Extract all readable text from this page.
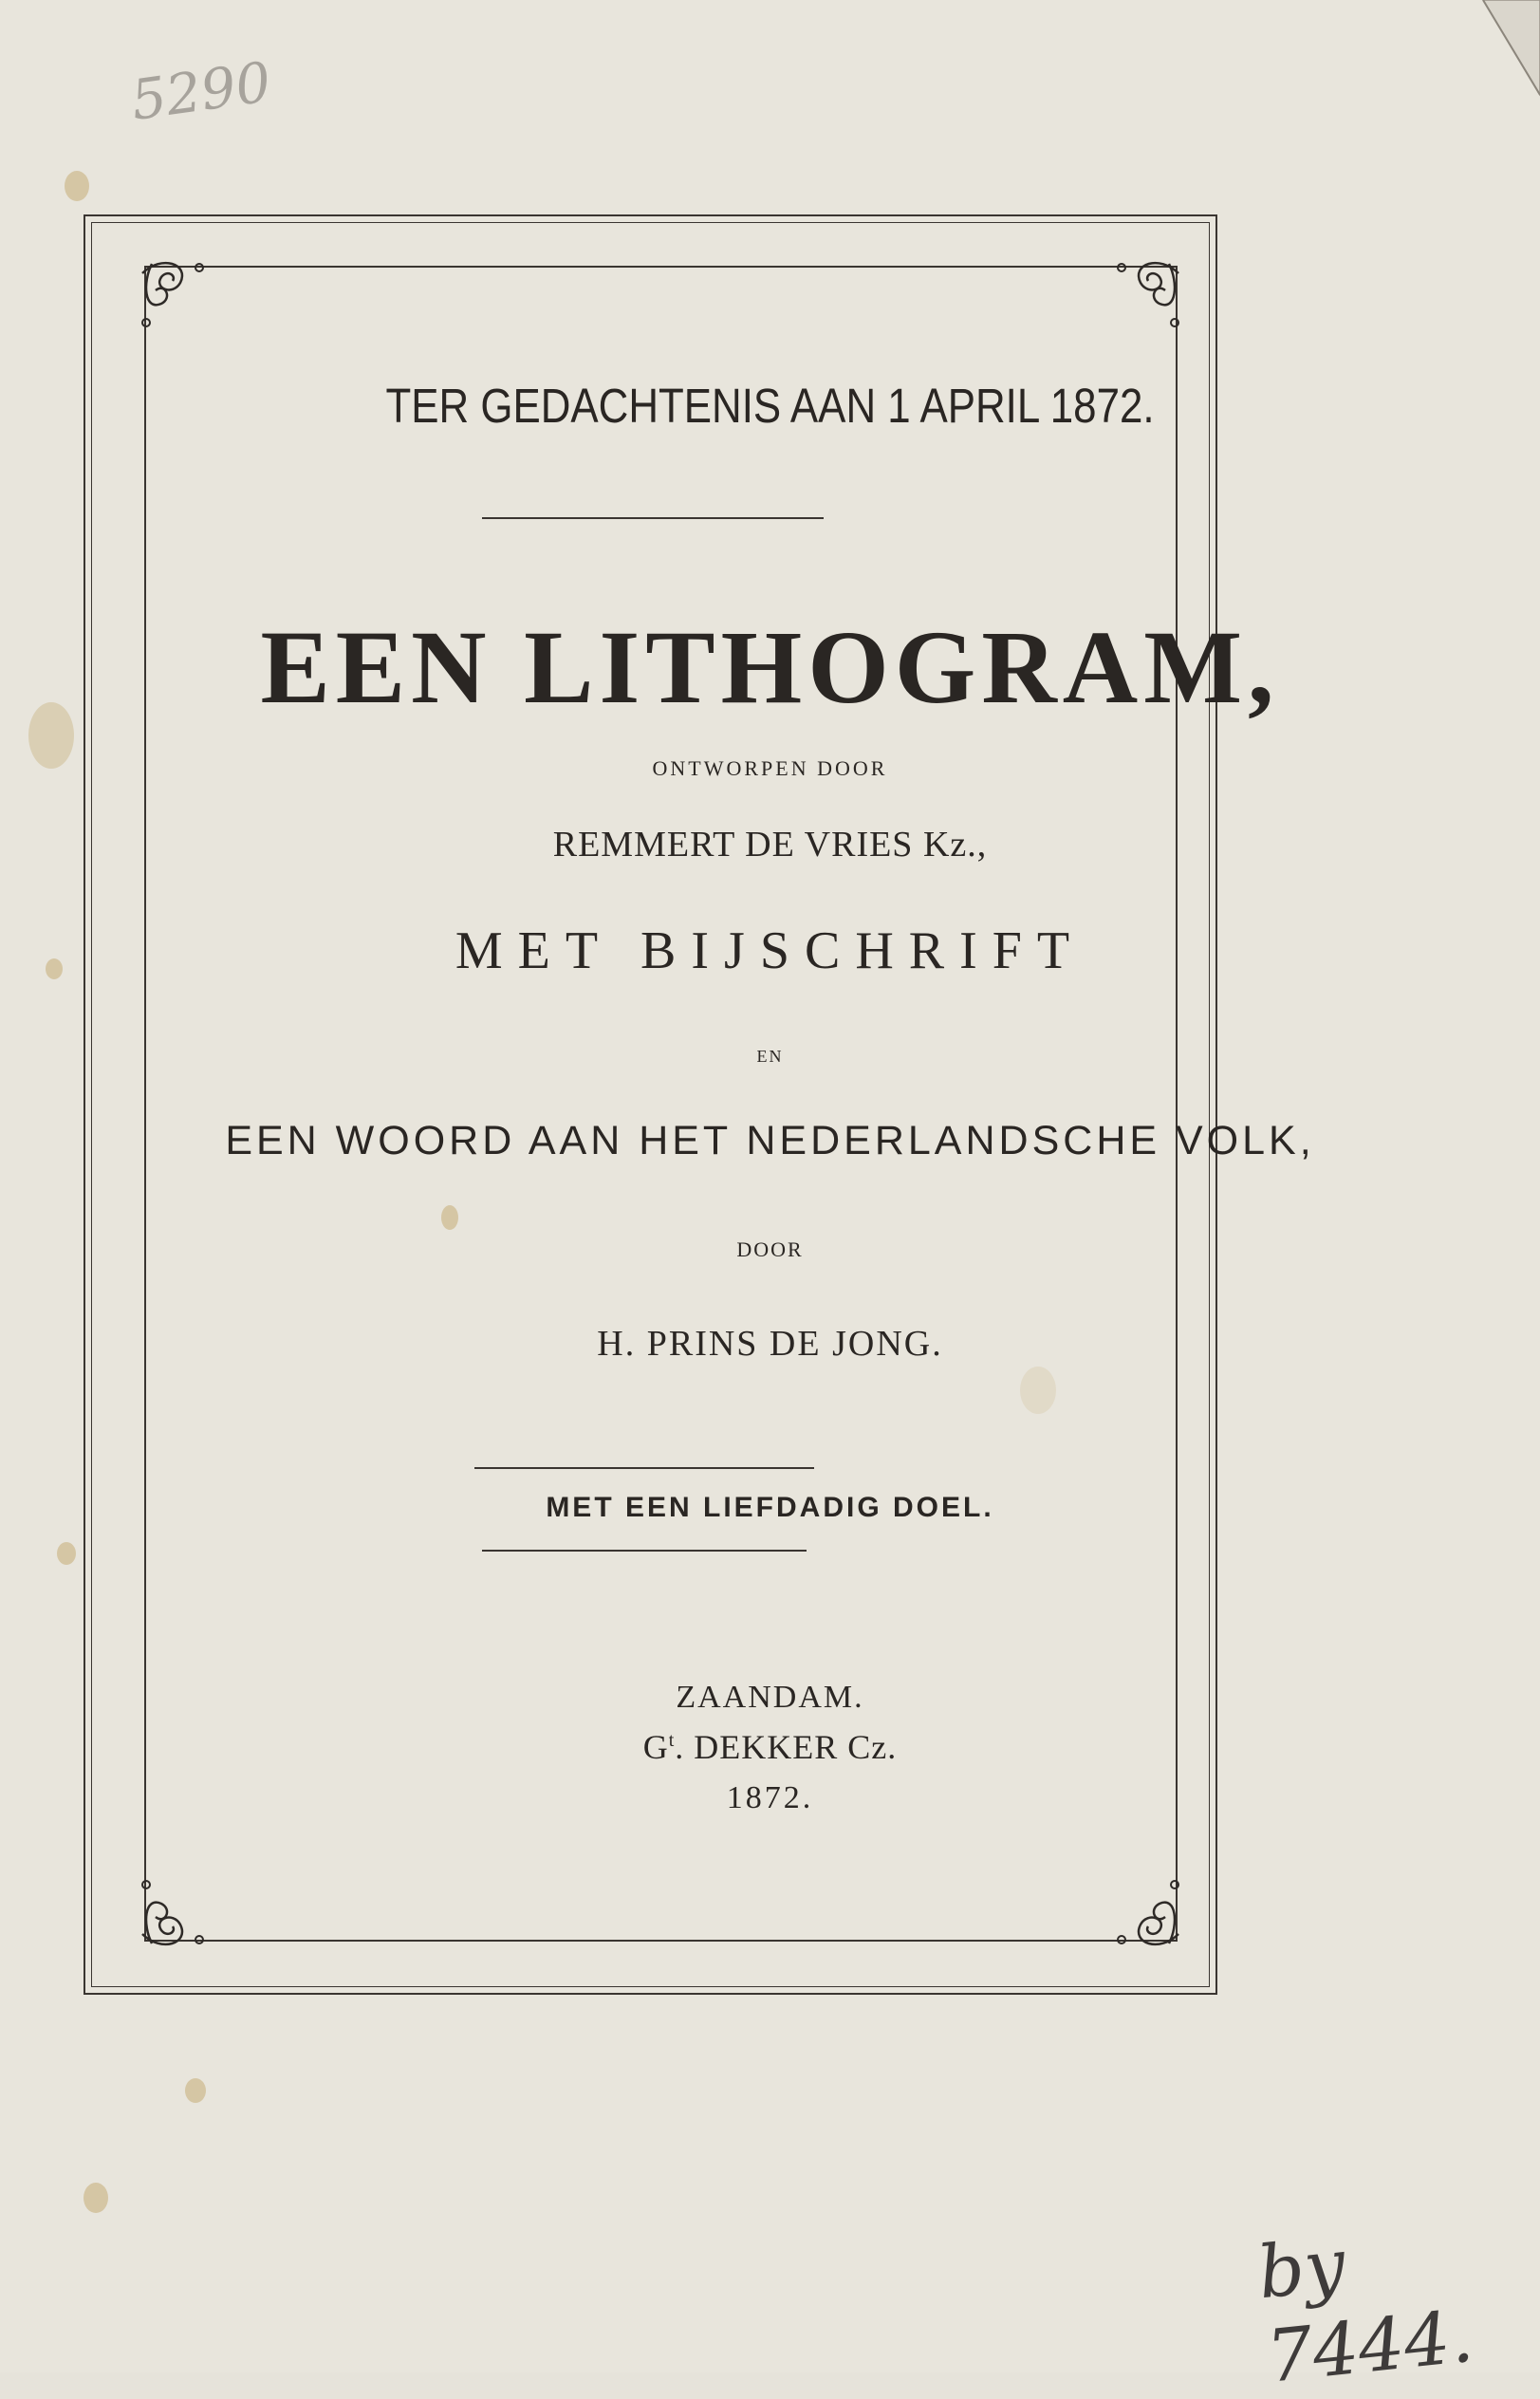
5290
by 7444.
TER GEDACHTENIS AAN 1 APRIL 1872.
EEN LITHOGRAM,
ONTWORPEN DOOR
REMMERT DE VRIES Kz.,
MET BIJSCHRIFT
EN
EEN WOORD AAN HET NEDERLANDSCHE VOLK,
DOOR
H. PRINS DE JONG.
MET EEN LIEFDADIG DOEL.
ZAANDAM.
$G^t$. DEKKER Cz.
1872.
